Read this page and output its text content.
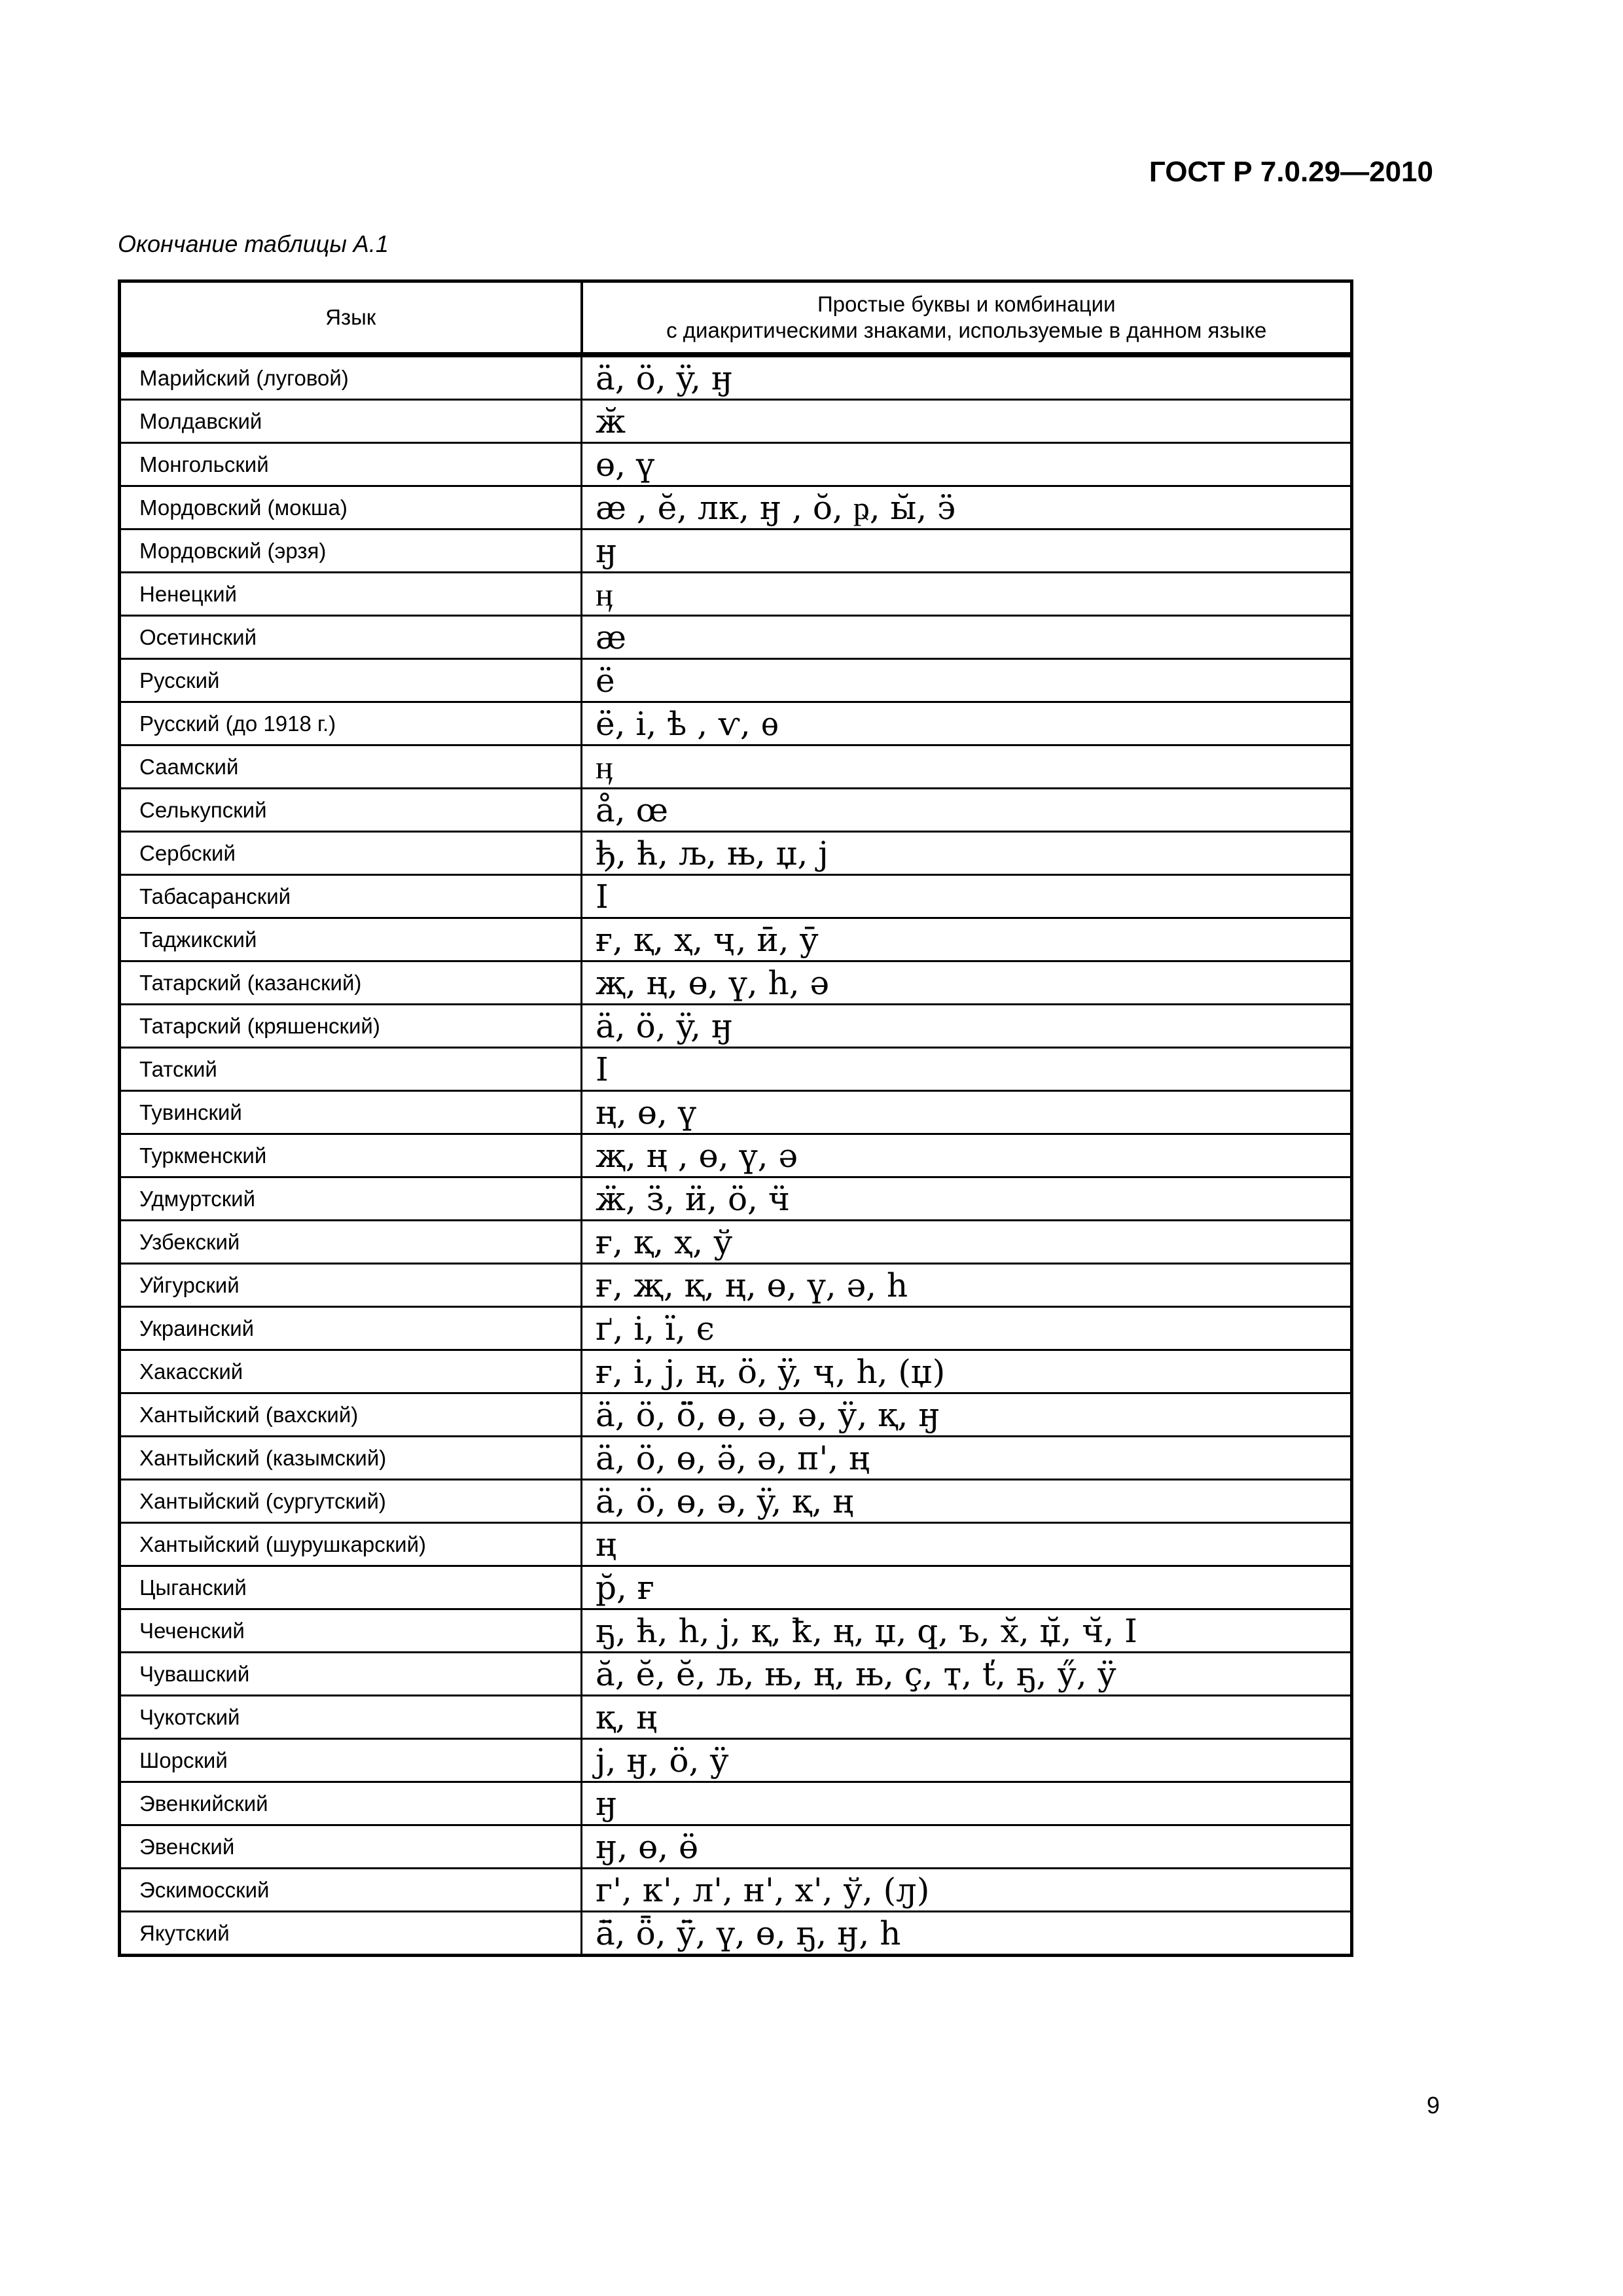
ГОСТ Р 7.0.29—2010
Окончание таблицы А.1
Язык	Простые буквы и комбинации
с диакритическими знаками, используемые в данном языке

Марийский (луговой)	ä, ö, ÿ, ӈ
Молдавский	ӂ
Монгольский	ө, ү
Мордовский (мокша)	ӕ , ĕ, лк, ӈ , ŏ, ҏ, ы̆, ӭ
Мордовский (эрзя)	ӈ
Ненецкий	ӊ
Осетинский	ӕ
Русский	ё
Русский (до 1918 г.)	ё, і, ѣ , ѵ, ѳ
Саамский	ӊ
Селькупский	å, œ
Сербский	ђ, ћ, љ, њ, џ, ј
Табасаранский	Ӏ
Таджикский	ғ, қ, ҳ, ҷ, ӣ, ӯ
Татарский (казанский)	җ, ң, ө, ү, һ, ә
Татарский (кряшенский)	ä, ö, ÿ, ӈ
Татский	Ӏ
Тувинский	ң, ө, ү
Туркменский	җ, ң , ө, ү, ә
Удмуртский	ӝ, ӟ, ӥ, ӧ, ӵ
Узбекский	ғ, қ, ҳ, ў
Уйгурский	ғ, җ, қ, ң, ө, ү, ә, һ
Украинский	ґ, і, ї, є
Хакасский	ғ, і, ј, ң, ö, ÿ, ҷ, һ, (џ)
Хантыйский (вахский)	ä, ö, ӧ̈, ө, ә, ә, ӱ, қ, ӈ
Хантыйский (казымский)	ä, ӧ, ө, ӛ, ә, п', ң
Хантыйский (сургутский)	ä, ӧ, ө, ә, ÿ, қ, ң
Хантыйский (шурушкарский)	ң
Цыганский	р̆, ғ
Чеченский	ҕ, ћ, һ, ј, қ, ҟ, ң, џ, ԛ, ъ, х̆, џ̆, ч̆, Ӏ
Чувашский	ӑ, ӗ, ĕ, љ, њ, ң, њ, ҫ, ҭ, ť, ҕ, ӳ, ӱ
Чукотский	қ, ң
Шорский	ј, ӈ, ӧ, ӱ
Эвенкийский	ӈ
Эвенский	ӈ, ө, ӫ
Эскимосский	г', к', л', н', х', ў, (ԓ)
Якутский	ā̈, ȫ, ӱ̄, ү, ө, ҕ, ӈ, һ
9
